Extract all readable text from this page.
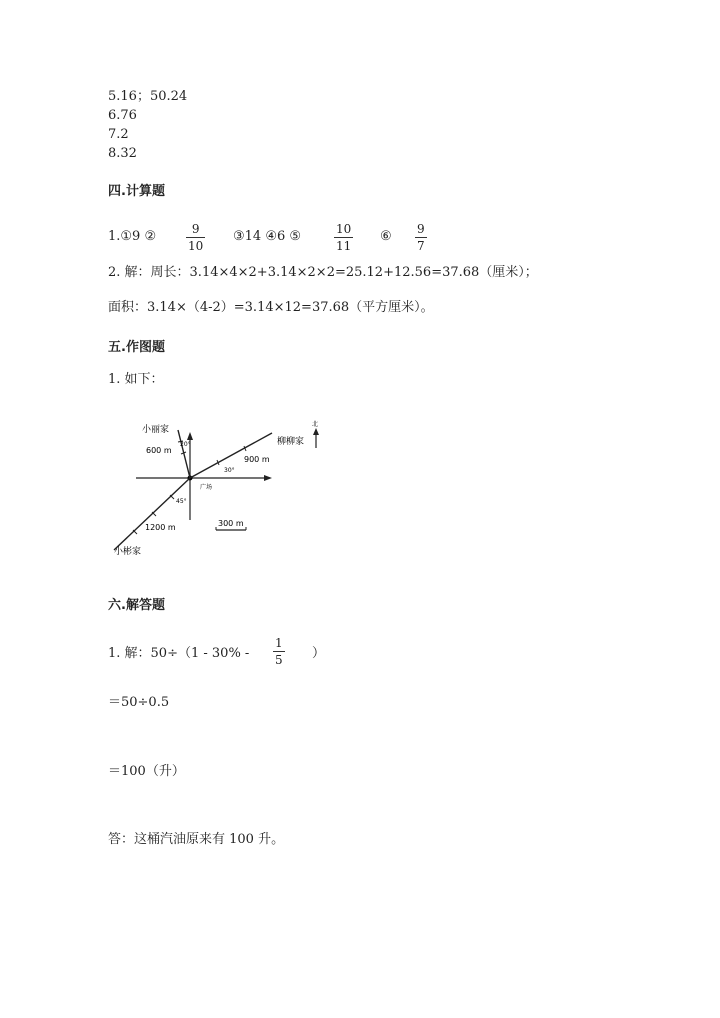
5.16；50.24
6.76
7.2
8.32
四.计算题
1.①9 ②	9
10
③14 ④6 ⑤	10
11
⑥ 9
7
2. 解：周长：3.14×4×2+3.14×2×2=25.12+12.56=37.68（厘米）；
面积：3.14×（4-2）=3.14×12=37.68（平方厘米）。
五.作图题
1. 如下：
小丽家
柳柳家
小彬家
600 m
900 m
1200 m
20°
30°
45°
广场
300 m
北
六.解答题
1. 解：50÷（1 - 30% -
1
5 ）
＝50÷0.5
＝100（升）
答：这桶汽油原来有 100 升。
